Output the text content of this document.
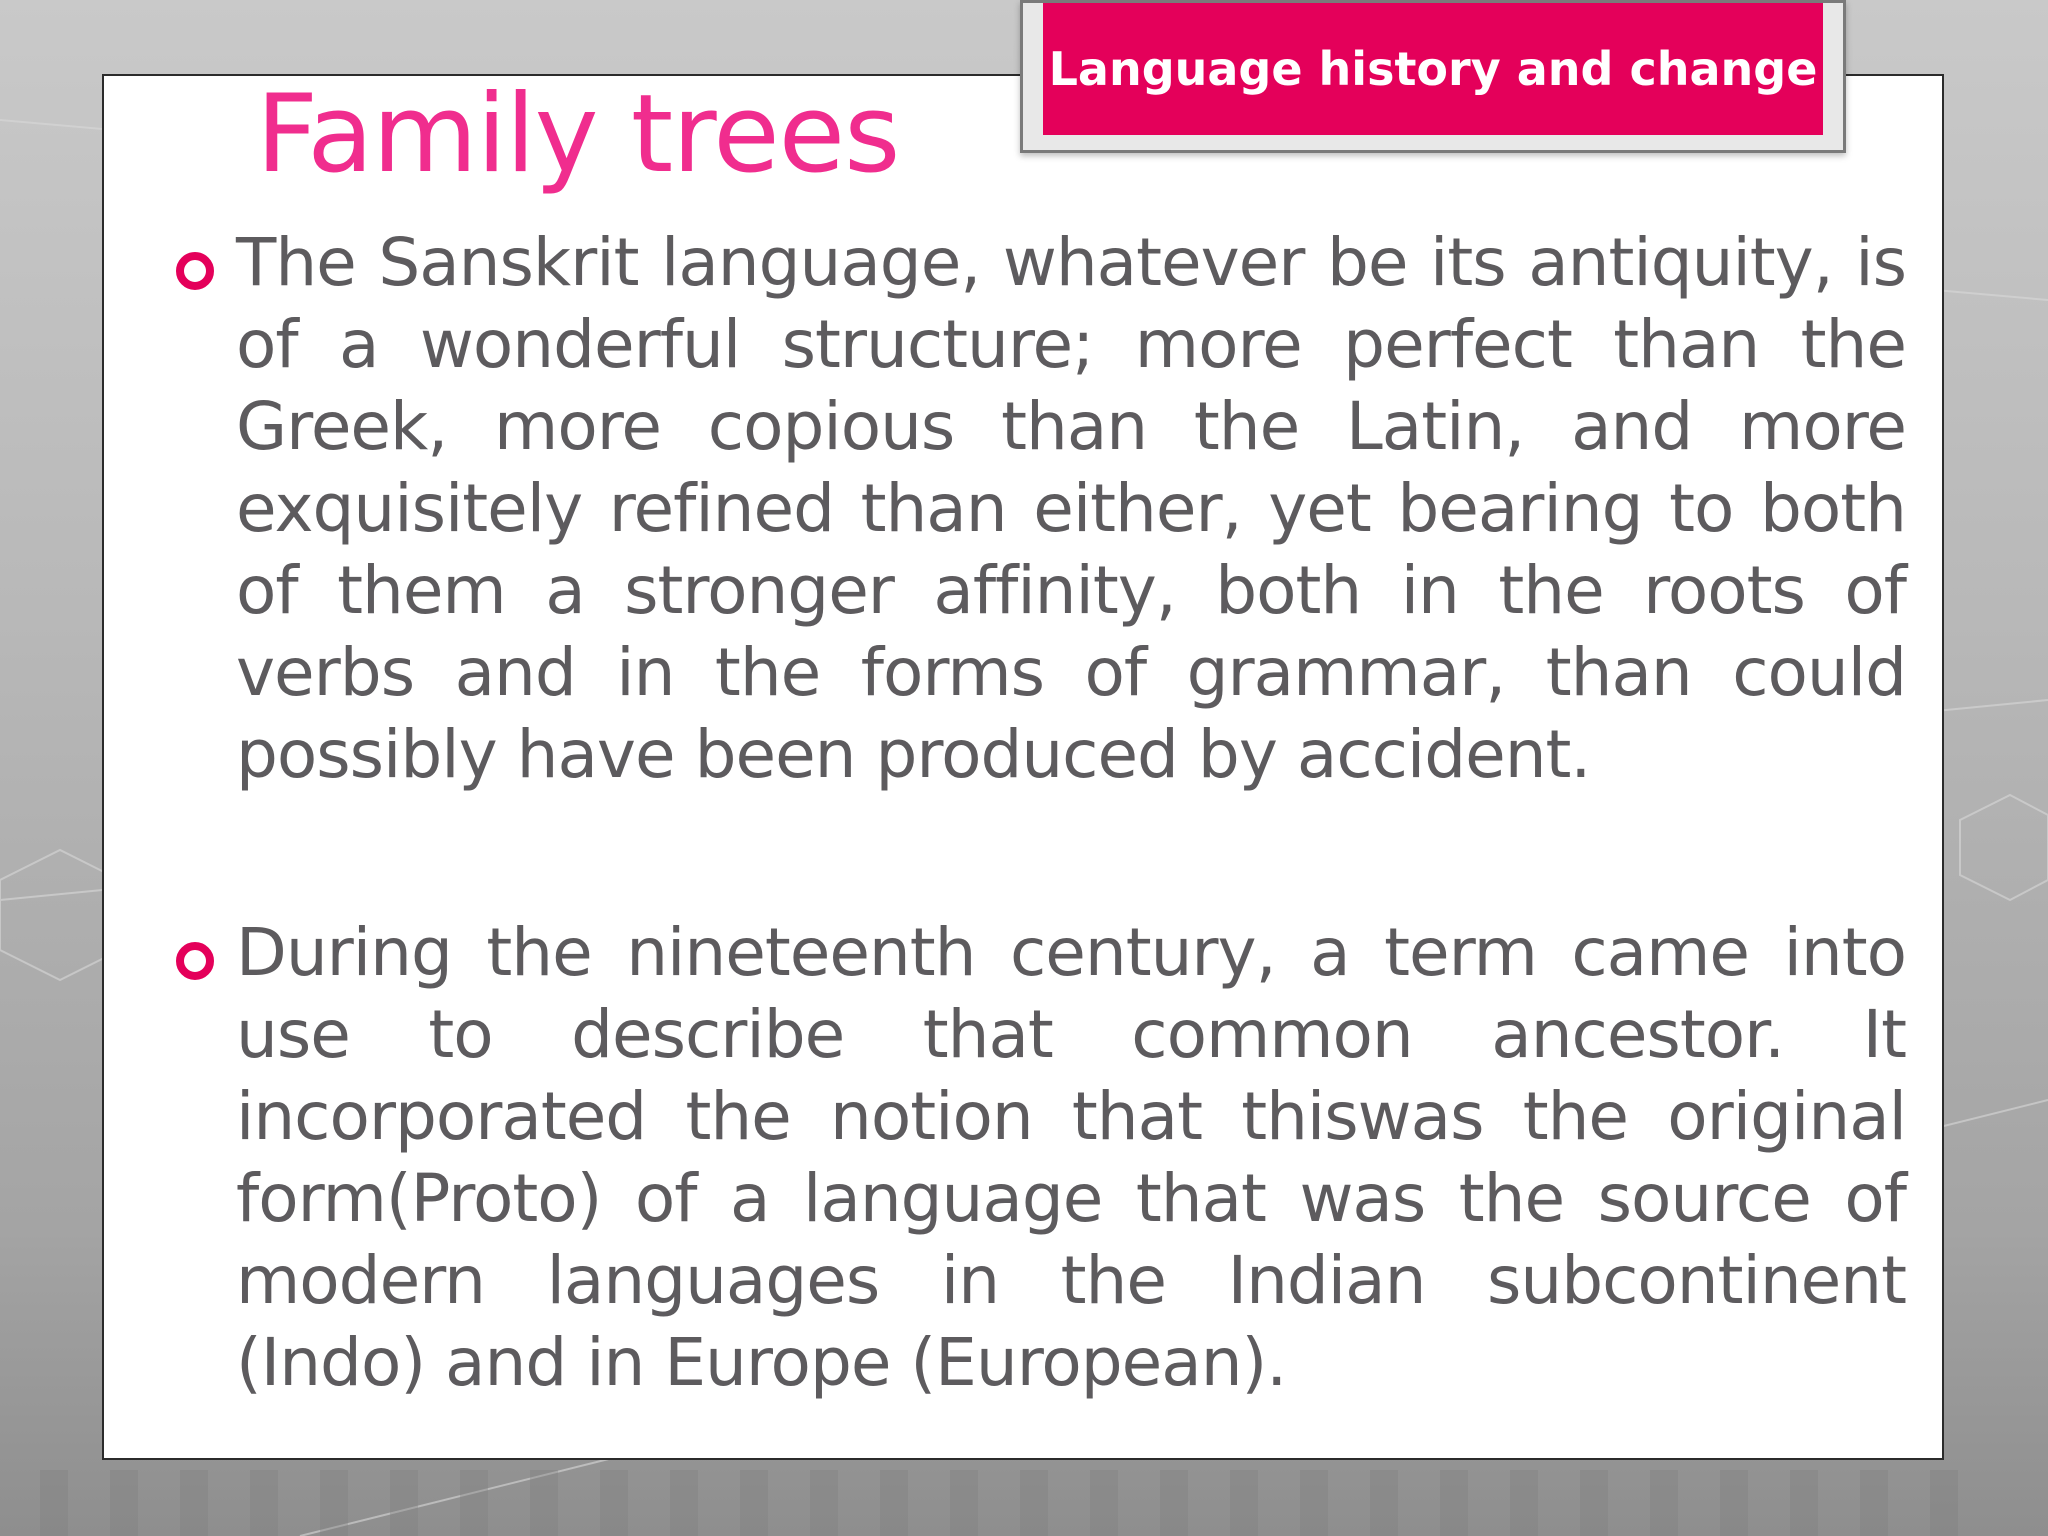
Language history and change
Family trees

The Sanskrit language, whatever be its antiquity, is of a wonderful structure; more perfect than the Greek, more copious than the Latin, and more exquisitely refined than either, yet bearing to both of them a stronger affinity, both in the roots of verbs and in the forms of grammar, than could possibly have been produced by accident.

During the nineteenth century, a term came into use to describe that common ancestor. It incorporated the notion that thiswas the original form(Proto) of a language that was the source of modern languages in the Indian subcontinent (Indo) and in Europe (European).
